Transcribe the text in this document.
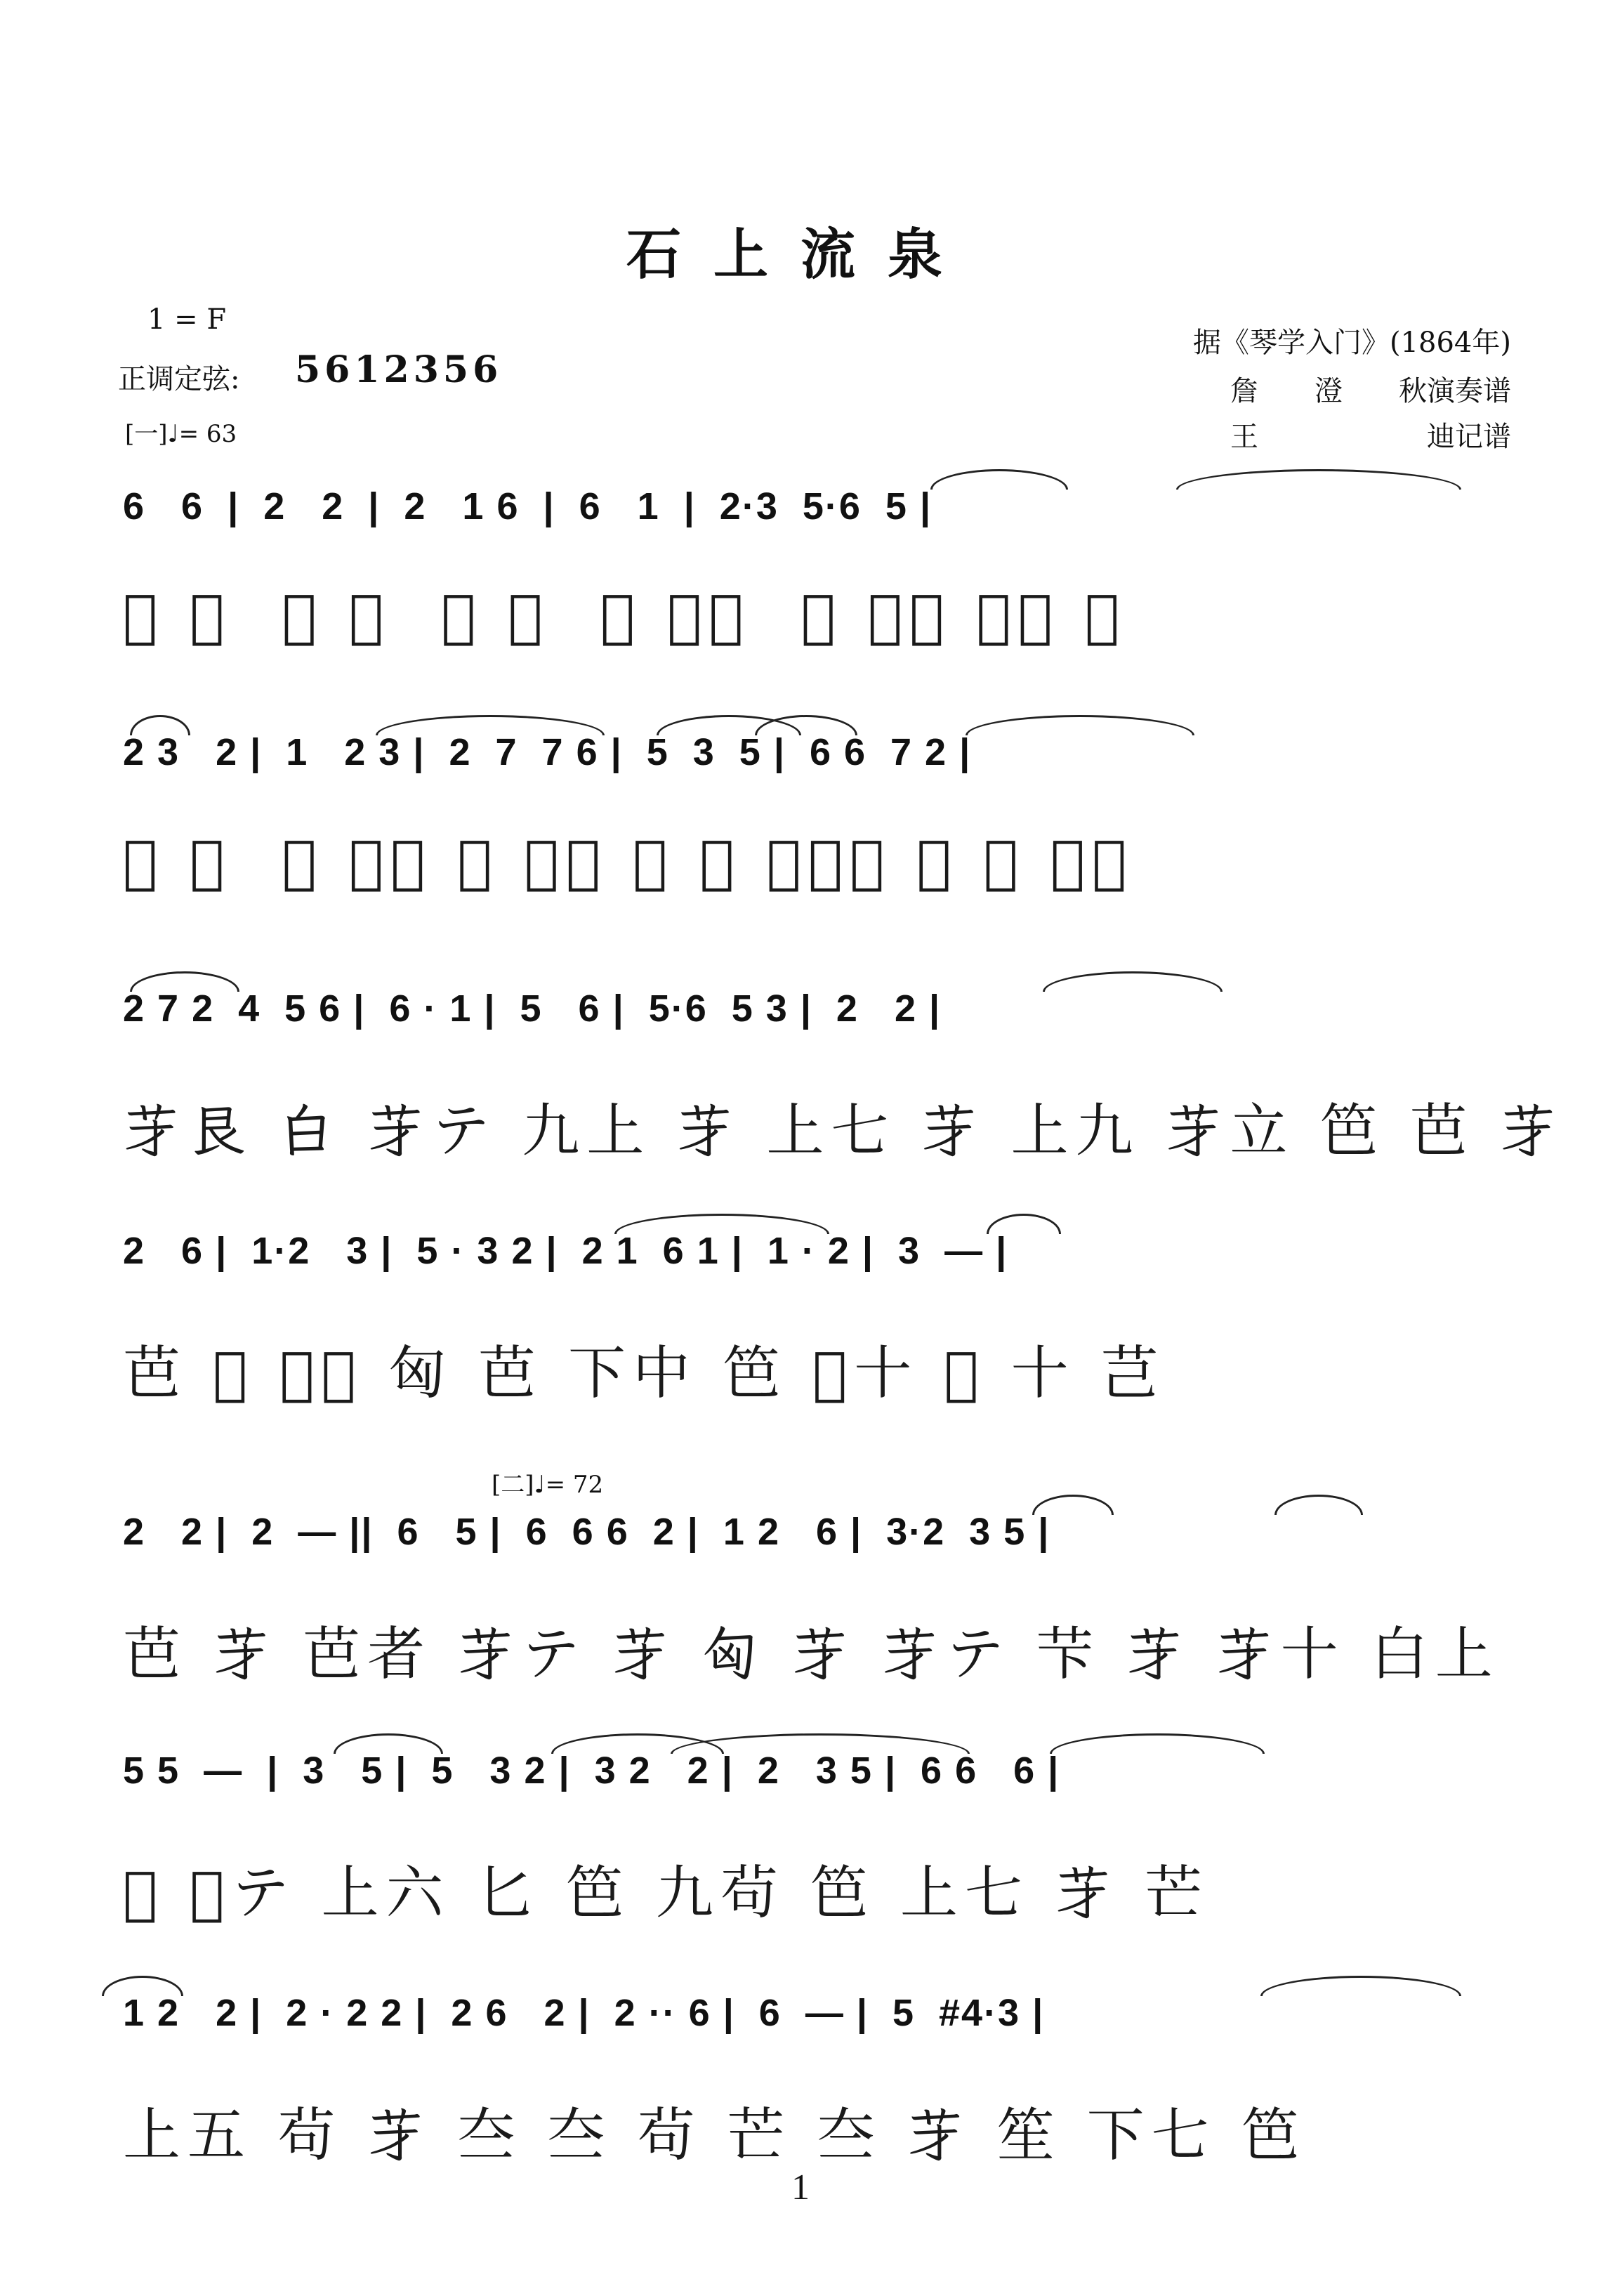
石上流泉
1 = F
正调定弦: 5612356
[一]♩= 63
据《琴学入门》(1864年)
詹　　澄　　秋演奏谱
王　　　　　　迪记谱
6   6  |  2   2  |  2   1 6  |  6   1  |  2·3  5·6  5 |
𦬀 𦬁  巴 𦬁  芭 𠃢  𦬀 上十  𦬁 上六 上七 白
2 3   2 |  1   2 3 |  2  7  7 6 |  5  3  5 |  6 6  7 2 |
𦫵 茍  䓎 上七 芭 下九 笆 𦬁 艮十八 白 莶 上七
2 7 2  4  5 6 |  6 · 1 |  5   6 |  5·6  5 3 |  2   2 |
𦬁艮 白 𦬁テ 九上 𦬁 上七 𦬁 上九 𦬁立 笆 芭 𦬁
2   6 |  1·2   3 |  5 · 3 2 |  2 1  6 1 |  1 · 2 |  3  — |
芭 𦬀 𦬁𦬁 匈 芭 下中 笆 𦬀十 𦬁 十 芑
[二]♩= 72
2   2 |  2  — ||  6   5 |  6  6 6  2 |  1 2   6 |  3·2  3 5 |
芭 𦬁 芭者 𦬁テ 𦬁 匈 𦬁 𦬁テ 芐 𦬁 𦬁十 白上
5 5  —  |  3   5 |  5   3 2 |  3 2   2 |  2   3 5 |  6 6   6 |
𦫵 𦬁テ 上六 匕 笆 九茍 笆 上七 𦬁 芒
1 2   2 |  2 · 2 2 |  2 6   2 |  2 ·· 6 |  6  — |  5  #4·3 |
上五 茍 𦬁 夳 夳 茍 芒 夳 𦬁 笙 下七 笆
1
